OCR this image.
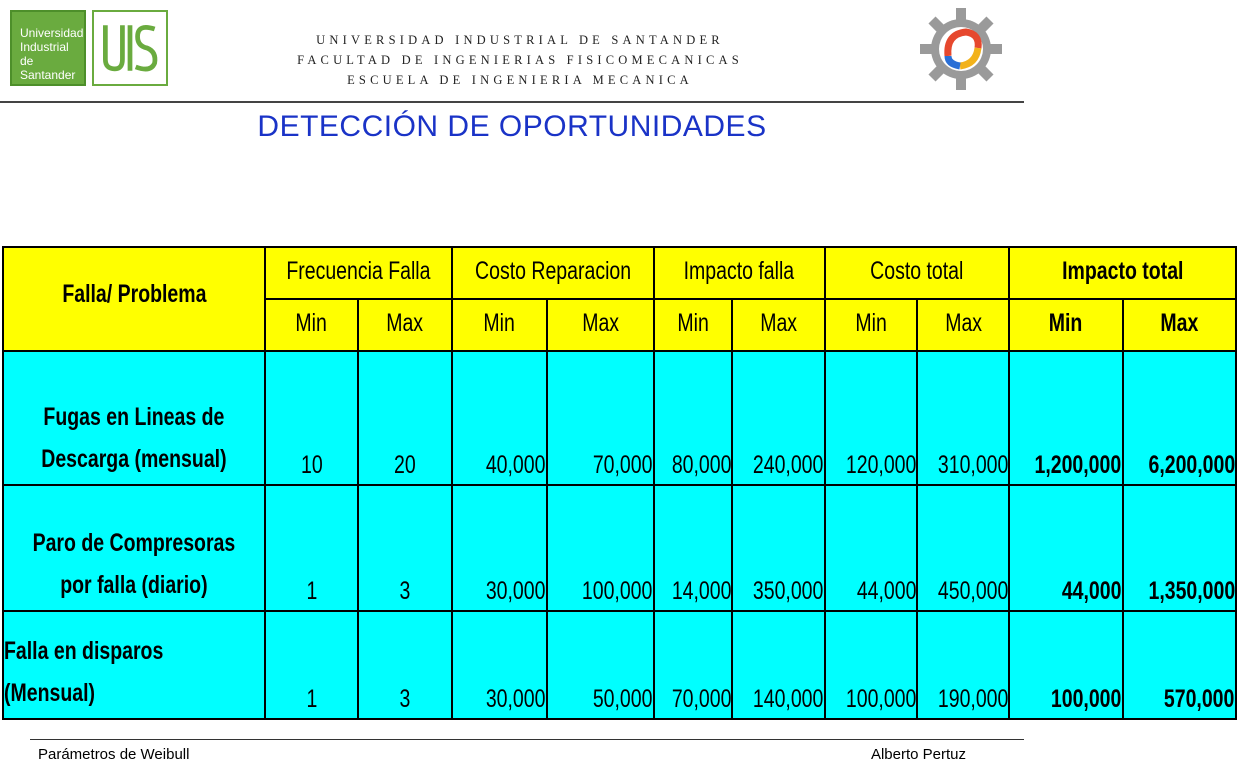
Universidad
Industrial de
Santander
UNIVERSIDAD INDUSTRIAL DE SANTANDER
FACULTAD DE INGENIERIAS FISICOMECANICAS
ESCUELA DE INGENIERIA MECANICA
DETECCIÓN DE OPORTUNIDADES
Falla/ Problema	Frecuencia Falla		Costo Reparacion		Impacto falla		Costo total		Impacto total	
	Min	Max	Min	Max	Min	Max	Min	Max	Min	Max

Fugas en Lineas de
Descarga (mensual)	10	20	40,000	70,000	80,000	240,000	120,000	310,000	1,200,000	6,200,000

Paro de Compresoras
por falla (diario)	1	3	30,000	100,000	14,000	350,000	44,000	450,000	44,000	1,350,000

Falla en disparos
(Mensual)	1	3	30,000	50,000	70,000	140,000	100,000	190,000	100,000	570,000
Parámetros de Weibull	Alberto Pertuz
